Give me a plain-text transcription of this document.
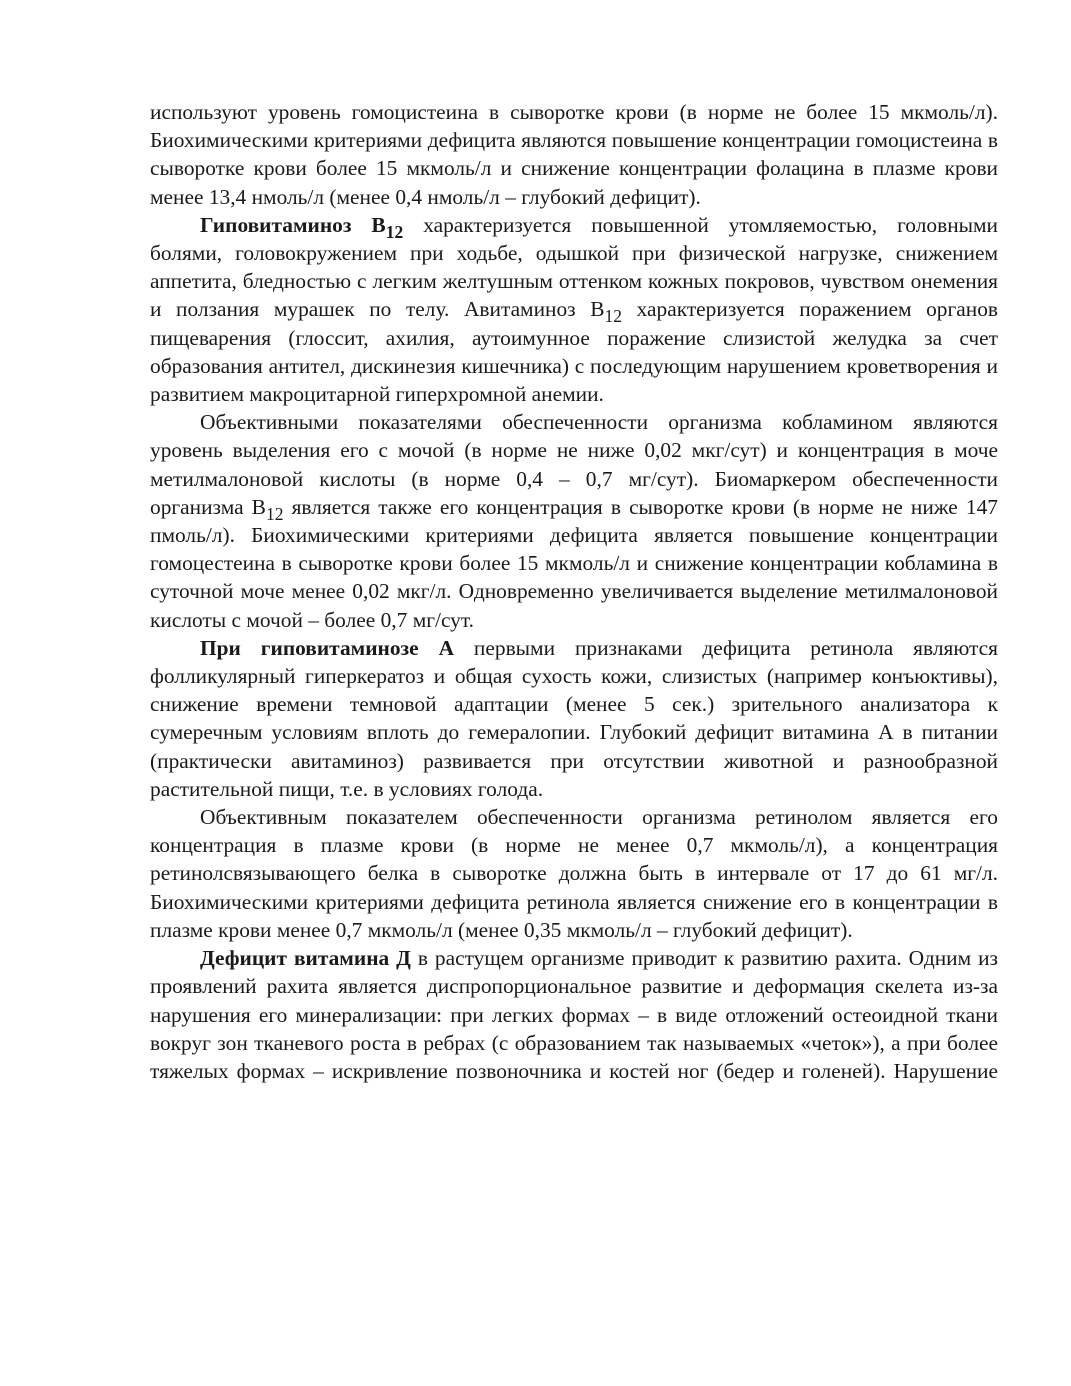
используют уровень гомоцистеина в сыворотке крови (в норме не более 15 мкмоль/л). Биохимическими критериями дефицита являются повышение концентрации гомоцистеина в сыворотке крови более 15 мкмоль/л и снижение концентрации фолацина в плазме крови менее 13,4 нмоль/л (менее 0,4 нмоль/л – глубокий дефицит).

Гиповитаминоз $В_{12}$ характеризуется повышенной утомляемостью, головными болями, головокружением при ходьбе, одышкой при физической нагрузке, снижением аппетита, бледностью с легким желтушным оттенком кожных покровов, чувством онемения и ползания мурашек по телу. Авитаминоз $В_{12}$ характеризуется поражением органов пищеварения (глоссит, ахилия, аутоимунное поражение слизистой желудка за счет образования антител, дискинезия кишечника) с последующим нарушением кроветворения и развитием макроцитарной гиперхромной анемии.

Объективными показателями обеспеченности организма кобламином являются уровень выделения его с мочой (в норме не ниже 0,02 мкг/сут) и концентрация в моче метилмалоновой кислоты (в норме 0,4 – 0,7 мг/сут). Биомаркером обеспеченности организма $В_{12}$ является также его концентрация в сыворотке крови (в норме не ниже 147 пмоль/л). Биохимическими критериями дефицита является повышение концентрации гомоцестеина в сыворотке крови более 15 мкмоль/л и снижение концентрации кобламина в суточной моче менее 0,02 мкг/л. Одновременно увеличивается выделение метилмалоновой кислоты с мочой – более 0,7 мг/сут.

При гиповитаминозе А первыми признаками дефицита ретинола являются фолликулярный гиперкератоз и общая сухость кожи, слизистых (например конъюктивы), снижение времени темновой адаптации (менее 5 сек.) зрительного анализатора к сумеречным условиям вплоть до гемералопии. Глубокий дефицит витамина А в питании (практически авитаминоз) развивается при отсутствии животной и разнообразной растительной пищи, т.е. в условиях голода.

Объективным показателем обеспеченности организма ретинолом является его концентрация в плазме крови (в норме не менее 0,7 мкмоль/л), а концентрация ретинолсвязывающего белка в сыворотке должна быть в интервале от 17 до 61 мг/л. Биохимическими критериями дефицита ретинола является снижение его в концентрации в плазме крови менее 0,7 мкмоль/л (менее 0,35 мкмоль/л – глубокий дефицит).

Дефицит витамина Д в растущем организме приводит к развитию рахита. Одним из проявлений рахита является диспропорциональное развитие и деформация скелета из-за нарушения его минерализации: при легких формах – в виде отложений остеоидной ткани вокруг зон тканевого роста в ребрах (с образованием так называемых «четок»), а при более тяжелых формах – искривление позвоночника и костей ног (бедер и голеней). Нарушение
